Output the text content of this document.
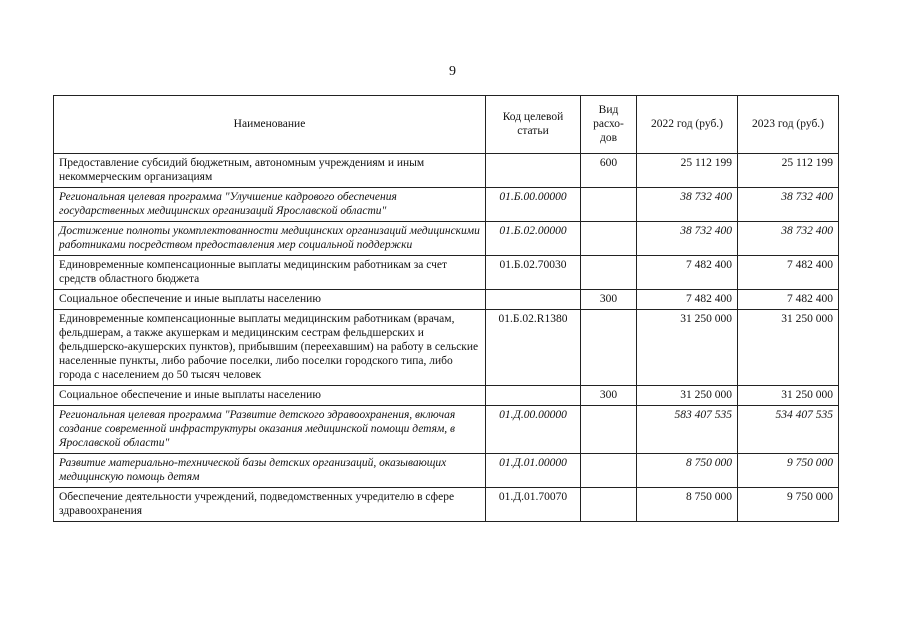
9
Наименование	Код целевой статьи	Вид расхо-дов	2022 год (руб.)	2023 год (руб.)
Предоставление субсидий бюджетным, автономным учреждениям и иным некоммерческим организациям		600	25 112 199	25 112 199
Региональная целевая программа "Улучшение кадрового обеспечения государственных медицинских организаций Ярославской области"	01.Б.00.00000		38 732 400	38 732 400
Достижение полноты укомплектованности медицинских организаций медицинскими работниками посредством предоставления мер социальной поддержки	01.Б.02.00000		38 732 400	38 732 400
Единовременные компенсационные выплаты медицинским работникам за счет средств областного бюджета	01.Б.02.70030		7 482 400	7 482 400
Социальное обеспечение и иные выплаты населению		300	7 482 400	7 482 400
Единовременные компенсационные выплаты медицинским работникам (врачам, фельдшерам, а также акушеркам и медицинским сестрам фельдшерских и фельдшерско-акушерских пунктов), прибывшим (переехавшим) на работу в сельские населенные пункты, либо рабочие поселки, либо поселки городского типа, либо города с населением до 50 тысяч человек	01.Б.02.R1380		31 250 000	31 250 000
Социальное обеспечение и иные выплаты населению		300	31 250 000	31 250 000
Региональная целевая программа "Развитие детского здравоохранения, включая создание современной инфраструктуры оказания медицинской помощи детям, в Ярославской области"	01.Д.00.00000		583 407 535	534 407 535
Развитие материально-технической базы детских организаций, оказывающих медицинскую помощь детям	01.Д.01.00000		8 750 000	9 750 000
Обеспечение деятельности учреждений, подведомственных учредителю в сфере здравоохранения	01.Д.01.70070		8 750 000	9 750 000
